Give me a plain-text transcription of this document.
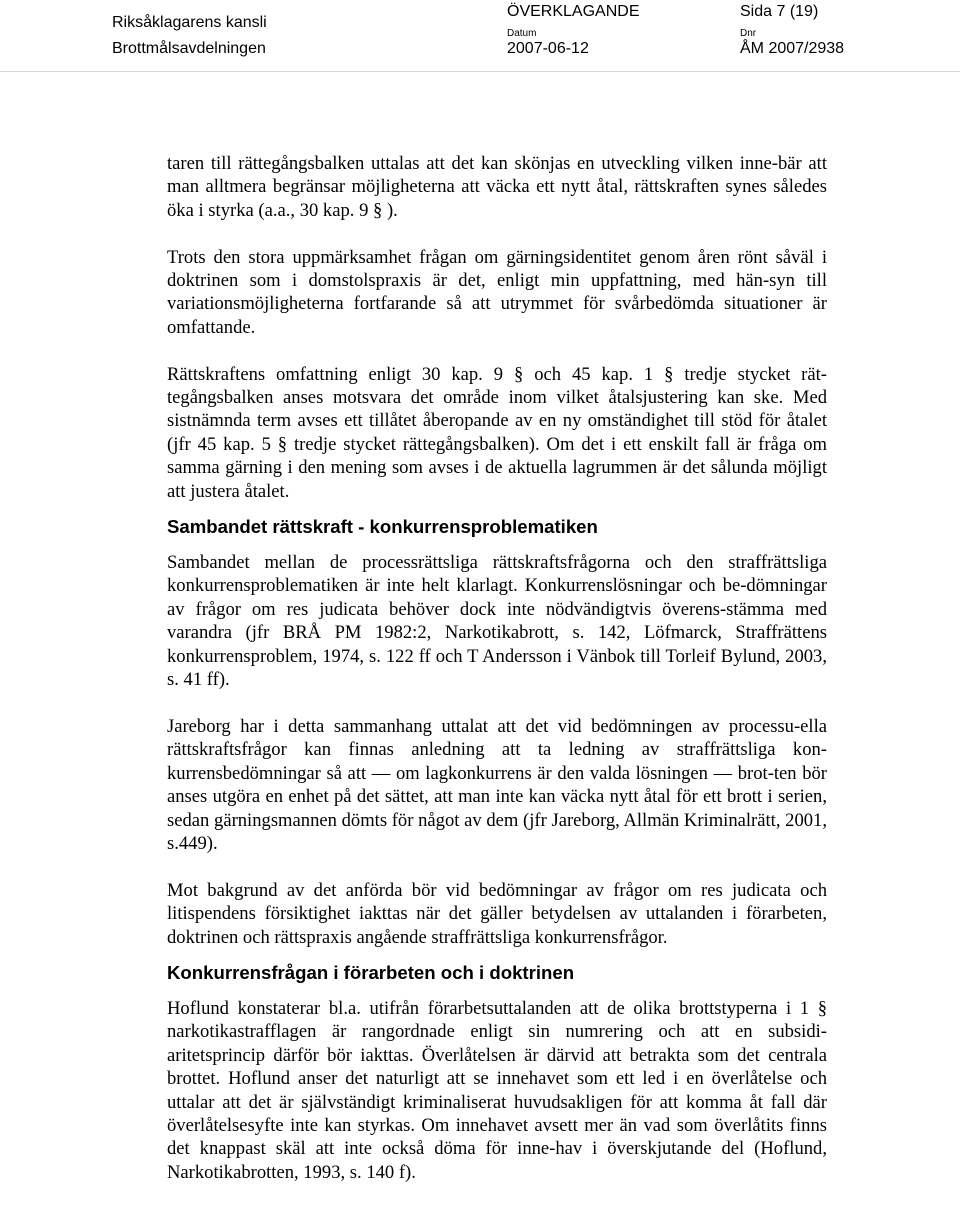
Riksåklagarens kansli
Brottmålsavdelningen
ÖVERKLAGANDE
Datum
2007-06-12
Sida 7 (19)
Dnr
ÅM 2007/2938

taren till rättegångsbalken uttalas att det kan skönjas en utveckling vilken inne-bär att man alltmera begränsar möjligheterna att väcka ett nytt åtal, rättskraften synes således öka i styrka (a.a., 30 kap. 9 § ).

Trots den stora uppmärksamhet frågan om gärningsidentitet genom åren rönt såväl i doktrinen som i domstolspraxis är det, enligt min uppfattning, med hän-syn till variationsmöjligheterna fortfarande så att utrymmet för svårbedömda situationer är omfattande.

Rättskraftens omfattning enligt 30 kap. 9 § och 45 kap. 1 § tredje stycket rät-tegångsbalken anses motsvara det område inom vilket åtalsjustering kan ske. Med sistnämnda term avses ett tillåtet åberopande av en ny omständighet till stöd för åtalet (jfr 45 kap. 5 § tredje stycket rättegångsbalken). Om det i ett enskilt fall är fråga om samma gärning i den mening som avses i de aktuella lagrummen är det sålunda möjligt att justera åtalet.

Sambandet rättskraft - konkurrensproblematiken

Sambandet mellan de processrättsliga rättskraftsfrågorna och den straffrättsliga konkurrensproblematiken är inte helt klarlagt. Konkurrenslösningar och be-dömningar av frågor om res judicata behöver dock inte nödvändigtvis överens-stämma med varandra (jfr BRÅ PM 1982:2, Narkotikabrott, s. 142, Löfmarck, Straffrättens konkurrensproblem, 1974, s. 122 ff och T Andersson i Vänbok till Torleif Bylund, 2003, s. 41 ff).

Jareborg har i detta sammanhang uttalat att det vid bedömningen av processu-ella rättskraftsfrågor kan finnas anledning att ta ledning av straffrättsliga kon-kurrensbedömningar så att — om lagkonkurrens är den valda lösningen — brot-ten bör anses utgöra en enhet på det sättet, att man inte kan väcka nytt åtal för ett brott i serien, sedan gärningsmannen dömts för något av dem (jfr Jareborg, Allmän Kriminalrätt, 2001, s.449).

Mot bakgrund av det anförda bör vid bedömningar av frågor om res judicata och litispendens försiktighet iakttas när det gäller betydelsen av uttalanden i förarbeten, doktrinen och rättspraxis angående straffrättsliga konkurrensfrågor.

Konkurrensfrågan i förarbeten och i doktrinen

Hoflund konstaterar bl.a. utifrån förarbetsuttalanden att de olika brottstyperna i 1 § narkotikastrafflagen är rangordnade enligt sin numrering och att en subsidi-aritetsprincip därför bör iakttas. Överlåtelsen är därvid att betrakta som det centrala brottet. Hoflund anser det naturligt att se innehavet som ett led i en överlåtelse och uttalar att det är självständigt kriminaliserat huvudsakligen för att komma åt fall där överlåtelsesyfte inte kan styrkas. Om innehavet avsett mer än vad som överlåtits finns det knappast skäl att inte också döma för inne-hav i överskjutande del (Hoflund, Narkotikabrotten, 1993, s. 140 f).
